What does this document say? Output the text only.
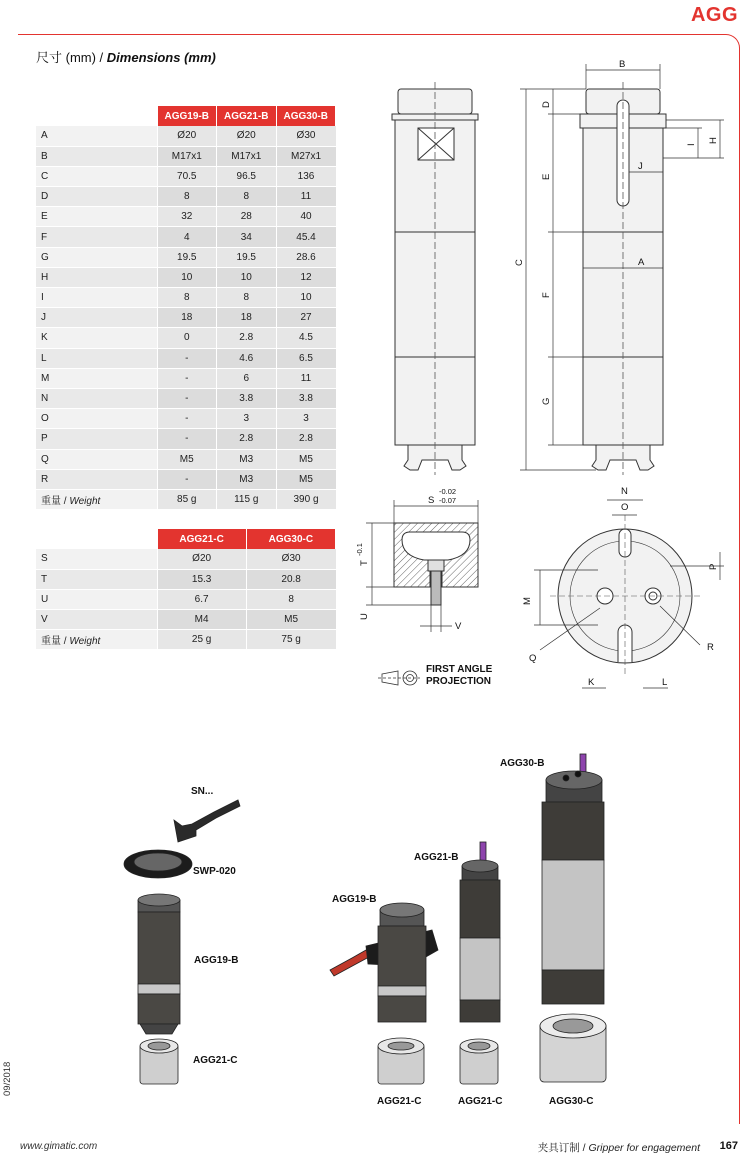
AGG
尺寸 (mm) / Dimensions (mm)
	AGG19-B	AGG21-B	AGG30-B
A	Ø20	Ø20	Ø30
B	M17x1	M17x1	M27x1
C	70.5	96.5	136
D	8	8	11
E	32	28	40
F	4	34	45.4
G	19.5	19.5	28.6
H	10	10	12
I	8	8	10
J	18	18	27
K	0	2.8	4.5
L	-	4.6	6.5
M	-	6	11
N	-	3.8	3.8
O	-	3	3
P	-	2.8	2.8
Q	M5	M3	M5
R	-	M3	M5
重量 / Weight	85 g	115 g	390 g
	AGG21-C	AGG30-C
S	Ø20	Ø30
T	15.3	20.8
U	6.7	8
V	M4	M5
重量 / Weight	25 g	75 g
B
D
E
C
F
G
A
I
H
J
S
-0.02
-0.07
T
-0.1
U
V
N
O
P
M
Q
R
K	L
FIRST ANGLE
PROJECTION
SN...
SWP-020
AGG19-B
AGG21-C
AGG19-B
AGG21-B
AGG30-B
AGG21-C	AGG21-C	AGG30-C
09/2018
www.gimatic.com	夹具订制 / Gripper for engagement 167
